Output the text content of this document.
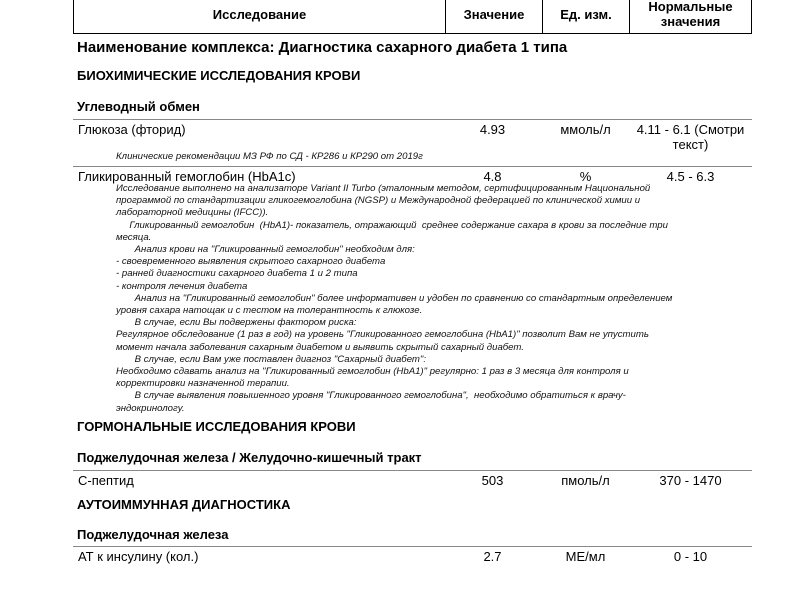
Исследование	Значение	Ед. изм.	Нормальные
значения
Наименование комплекса: Диагностика сахарного диабета 1 типа
БИОХИМИЧЕСКИЕ ИССЛЕДОВАНИЯ КРОВИ
Углеводный обмен
Глюкоза (фторид)	4.93	ммоль/л	4.11 - 6.1 (Смотри
текст)
Клинические рекомендации МЗ РФ по СД - КР286 и КР290 от 2019г
Гликированный гемоглобин (HbA1c)	4.8	%	4.5 - 6.3
Исследование выполнено на анализаторе Variant II Turbo (эталонным методом, сертифицированным Национальной
программой по стандартизации гликогемоглобина (NGSP) и Международной федерацией по клинической химии и
лабораторной медицины (IFCC)).
Гликированный гемоглобин  (HbA1)- показатель, отражающий  среднее содержание сахара в крови за последние три
месяца.
Анализ крови на "Гликированный гемоглобин" необходим для:
- своевременного выявления скрытого сахарного диабета
- ранней диагностики сахарного диабета 1 и 2 типа
- контроля лечения диабета
Анализ на "Гликированный гемоглобин" более информативен и удобен по сравнению со стандартным определением
уровня сахара натощак и с тестом на толерантность к глюкозе.
В случае, если Вы подвержены фактором риска:
Регулярное обследование (1 раз в год) на уровень "Гликированного гемоглобина (HbA1)" позволит Вам не упустить
момент начала заболевания сахарным диабетом и выявить скрытый сахарный диабет.
В случае, если Вам уже поставлен диагноз "Сахарный диабет":
Необходимо сдавать анализ на "Гликированный гемоглобин (HbA1)" регулярно: 1 раз в 3 месяца для контроля и
корректировки назначенной терапии.
В случае выявления повышенного уровня "Гликированного гемоглобина",  необходимо обратиться к врачу-
эндокринологу.
ГОРМОНАЛЬНЫЕ ИССЛЕДОВАНИЯ КРОВИ
Поджелудочная железа / Желудочно-кишечный тракт
С-пептид	503	пмоль/л	370 - 1470
АУТОИММУННАЯ ДИАГНОСТИКА
Поджелудочная железа
АТ к инсулину (кол.)	2.7	МЕ/мл	0 - 10
